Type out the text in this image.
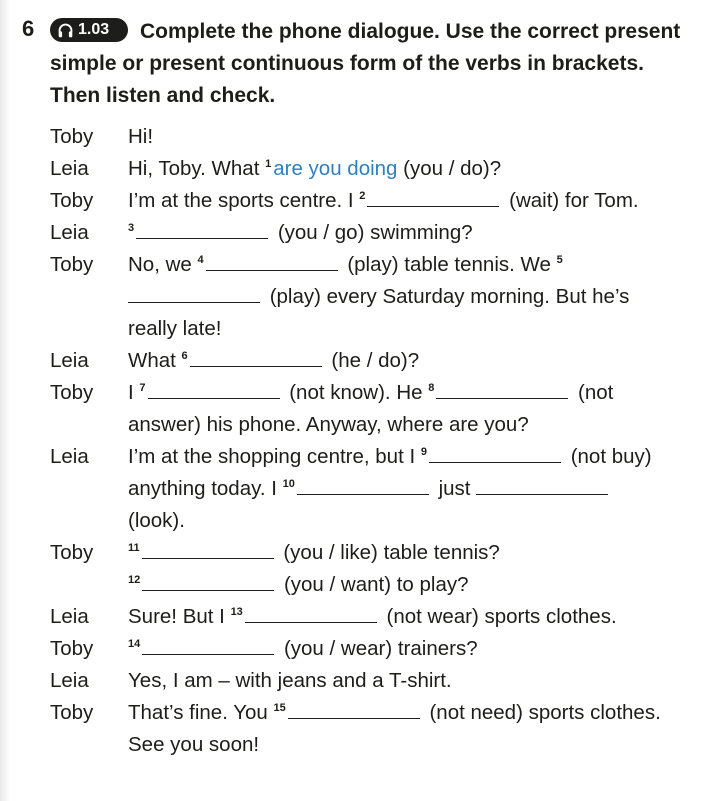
6	Complete the phone dialogue. Use the correct present simple or present continuous form of the verbs in brackets. Then listen and check.
1.03
Toby	Hi!
Leia	Hi, Toby. What $^1$are you doing (you / do)?
Toby	I’m at the sports centre. I $^2$	(wait) for Tom.
Leia	$^3$	(you / go) swimming?
Toby	No, we $^4$	(play) table tennis. We $^5$ (play) every Saturday morning. But he’s really late!
Leia	What $^6$	(he / do)?
Toby	I $^7$	(not know). He $^8$	(not answer) his phone. Anyway, where are you?
Leia	I’m at the shopping centre, but I $^9$	(not buy) anything today. I $^{10}$	just  (look).
Toby	$^{11}$	(you / like) table tennis?
$^{12}$	(you / want) to play?
Leia	Sure! But I $^{13}$	(not wear) sports clothes.
Toby	$^{14}$	(you / wear) trainers?
Leia	Yes, I am – with jeans and a T-shirt.
Toby	That’s fine. You $^{15}$	(not need) sports clothes. See you soon!
